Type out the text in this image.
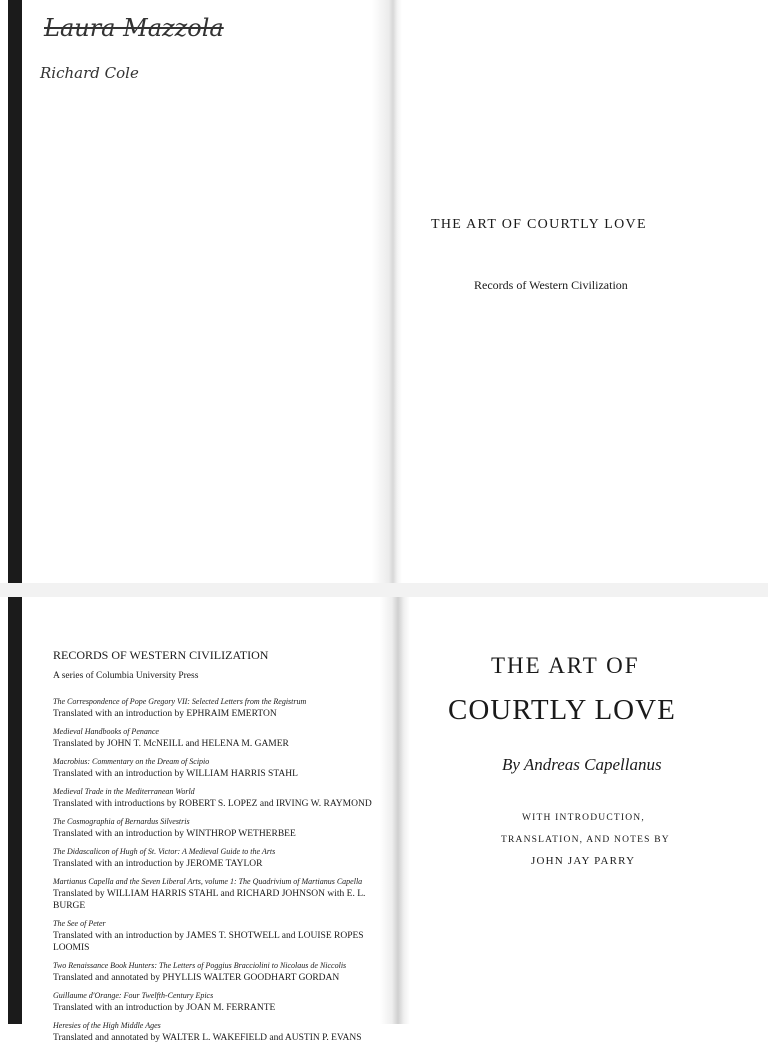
Laura Mazzola
Richard Cole
THE ART OF COURTLY LOVE
Records of Western Civilization
RECORDS OF WESTERN CIVILIZATION
A series of Columbia University Press
The Correspondence of Pope Gregory VII: Selected Letters from the Registrum
Translated with an introduction by EPHRAIM EMERTON
Medieval Handbooks of Penance
Translated by JOHN T. McNEILL and HELENA M. GAMER
Macrobius: Commentary on the Dream of Scipio
Translated with an introduction by WILLIAM HARRIS STAHL
Medieval Trade in the Mediterranean World
Translated with introductions by ROBERT S. LOPEZ and IRVING W. RAYMOND
The Cosmographia of Bernardus Silvestris
Translated with an introduction by WINTHROP WETHERBEE
The Didascalicon of Hugh of St. Victor: A Medieval Guide to the Arts
Translated with an introduction by JEROME TAYLOR
Martianus Capella and the Seven Liberal Arts, volume 1: The Quadrivium of Martianus Capella
Translated by WILLIAM HARRIS STAHL and RICHARD JOHNSON with E. L. BURGE
The See of Peter
Translated with an introduction by JAMES T. SHOTWELL and LOUISE ROPES LOOMIS
Two Renaissance Book Hunters: The Letters of Poggius Bracciolini to Nicolaus de Niccolis
Translated and annotated by PHYLLIS WALTER GOODHART GORDAN
Guillaume d'Orange: Four Twelfth-Century Epics
Translated with an introduction by JOAN M. FERRANTE
Heresies of the High Middle Ages
Translated and annotated by WALTER L. WAKEFIELD and AUSTIN P. EVANS
THE ART OF
COURTLY LOVE
By Andreas Capellanus
WITH INTRODUCTION,
TRANSLATION, AND NOTES BY
JOHN JAY PARRY
